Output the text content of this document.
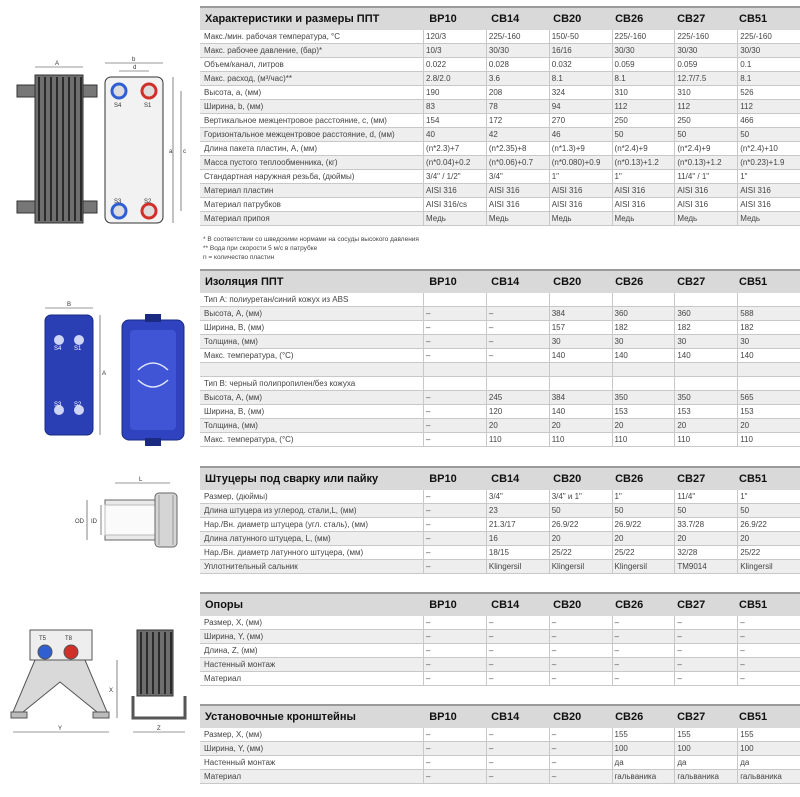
A
S4	S1
S3	S2
b
d
a c
S4 S1
S3 S2
B
A
L
OD ID
T5	T8
Y
X
Z
Характеристики и размеры ППТ	BP10	CB14	CB20	CB26	CB27	CB51
Макс./мин. рабочая температура, °С	120/3	225/-160	150/-50	225/-160	225/-160	225/-160
Макс. рабочее давление, (бар)*	10/3	30/30	16/16	30/30	30/30	30/30
Объем/канал, литров	0.022	0.028	0.032	0.059	0.059	0.1
Макс. расход, (м³/час)**	2.8/2.0	3.6	8.1	8.1	12.7/7.5	8.1
Высота, a, (мм)	190	208	324	310	310	526
Ширина, b, (мм)	83	78	94	112	112	112
Вертикальное межцентровое расстояние, c, (мм)	154	172	270	250	250	466
Горизонтальное межцентровое расстояние, d, (мм)	40	42	46	50	50	50
Длина пакета пластин, A, (мм)	(n*2.3)+7	(n*2.35)+8	(n*1.3)+9	(n*2.4)+9	(n*2.4)+9	(n*2.4)+10
Масса пустого теплообменника, (кг)	(n*0.04)+0.2	(n*0.06)+0.7	(n*0.080)+0.9	(n*0.13)+1.2	(n*0.13)+1.2	(n*0.23)+1.9
Стандартная наружная резьба, (дюймы)	3/4" / 1/2"	3/4"	1"	1"	11/4" / 1"	1"
Материал пластин	AISI 316	AISI 316	AISI 316	AISI 316	AISI 316	AISI 316
Материал патрубков	AISI 316/cs	AISI 316	AISI 316	AISI 316	AISI 316	AISI 316
Материал припоя	Медь	Медь	Медь	Медь	Медь	Медь
* В соответствии со шведскими нормами на сосуды высокого давления
** Вода при скорости 5 м/с в патрубке
n = количество пластин
Изоляция ППТ	BP10	CB14	CB20	CB26	CB27	CB51
Тип А: полиуретан/синий кожух из ABS
Высота, A, (мм)	–	–	384	360	360	588
Ширина, B, (мм)	–	–	157	182	182	182
Толщина, (мм)	–	–	30	30	30	30
Макс. температура, (°С)	–	–	140	140	140	140
Тип В: черный полипропилен/без кожуха
Высота, A, (мм)	–	245	384	350	350	565
Ширина, B, (мм)	–	120	140	153	153	153
Толщина, (мм)	–	20	20	20	20	20
Макс. температура, (°С)	–	110	110	110	110	110
Штуцеры под сварку или пайку	BP10	CB14	CB20	CB26	CB27	CB51
Размер, (дюймы)	–	3/4"	3/4" и 1"	1"	11/4"	1"
Длина штуцера из углерод. стали,L, (мм)	–	23	50	50	50	50
Нар./Вн. диаметр штуцера (угл. сталь), (мм)	–	21.3/17	26.9/22	26.9/22	33.7/28	26.9/22
Длина латунного штуцера, L, (мм)	–	16	20	20	20	20
Нар./Вн. диаметр латунного штуцера, (мм)	–	18/15	25/22	25/22	32/28	25/22
Уплотнительный сальник	–	Klingersil	Klingersil	Klingersil	TM9014	Klingersil
Опоры	BP10	CB14	CB20	CB26	CB27	CB51
Размер, X, (мм)	–	–	–	–	–	–
Ширина, Y, (мм)	–	–	–	–	–	–
Длина, Z, (мм)	–	–	–	–	–	–
Настенный монтаж	–	–	–	–	–	–
Материал	–	–	–	–	–	–
Установочные кронштейны	BP10	CB14	CB20	CB26	CB27	CB51
Размер, X, (мм)	–	–	–	155	155	155
Ширина, Y, (мм)	–	–	–	100	100	100
Настенный монтаж	–	–	–	да	да	да
Материал	–	–	–	гальваника	гальваника	гальваника
